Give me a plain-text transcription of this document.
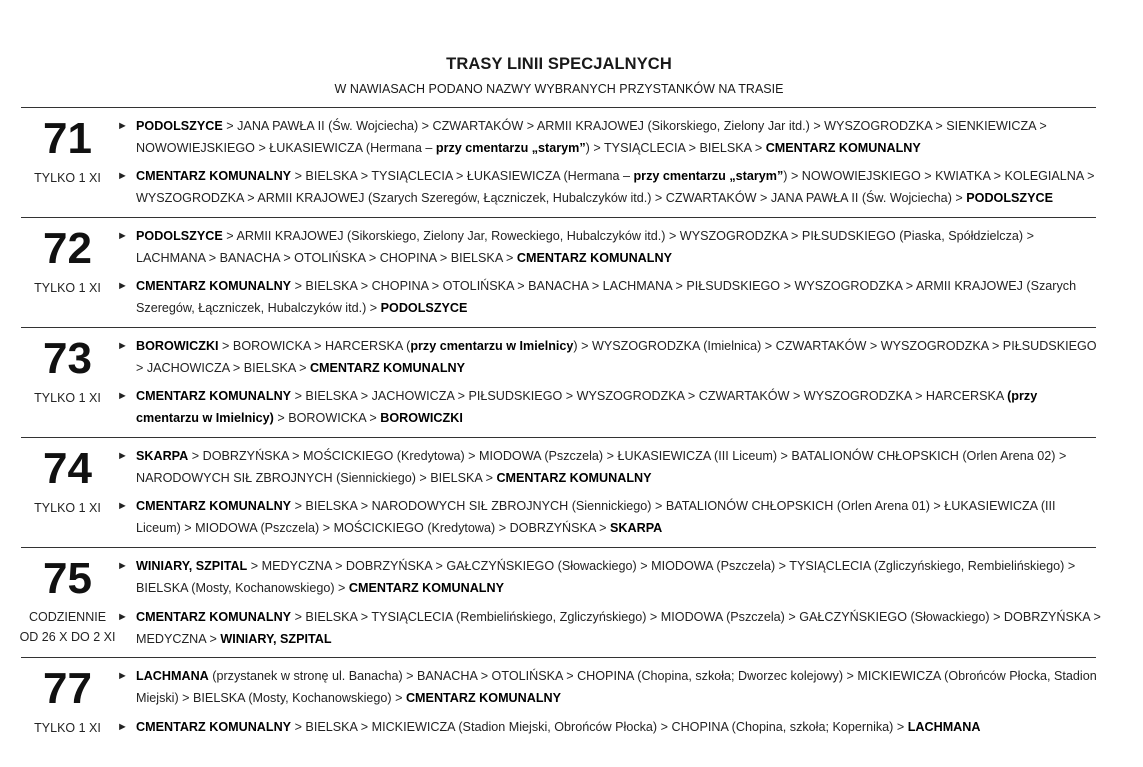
TRASY LINII SPECJALNYCH
W NAWIASACH PODANO NAZWY WYBRANYCH PRZYSTANKÓW NA TRASIE
71
TYLKO 1 XI
► PODOLSZYCE > JANA PAWŁA II (Św. Wojciecha) > CZWARTAKÓW > ARMII KRAJOWEJ (Sikorskiego, Zielony Jar itd.) > WYSZOGRODZKA > SIENKIEWICZA > NOWOWIEJSKIEGO > ŁUKASIEWICZA (Hermana – przy cmentarzu „starym”) > TYSIĄCLECIA > BIELSKA > CMENTARZ KOMUNALNY
► CMENTARZ KOMUNALNY > BIELSKA > TYSIĄCLECIA > ŁUKASIEWICZA (Hermana – przy cmentarzu „starym”) > NOWOWIEJSKIEGO > KWIATKA > KOLEGIALNA > WYSZOGRODZKA > ARMII KRAJOWEJ (Szarych Szeregów, Łączniczek, Hubalczyków itd.) > CZWARTAKÓW > JANA PAWŁA II (Św. Wojciecha) > PODOLSZYCE
72
TYLKO 1 XI
► PODOLSZYCE > ARMII KRAJOWEJ (Sikorskiego, Zielony Jar, Roweckiego, Hubalczyków itd.) > WYSZOGRODZKA > PIŁSUDSKIEGO (Piaska, Spółdzielcza) > LACHMANA > BANACHA > OTOLIŃSKA > CHOPINA > BIELSKA > CMENTARZ KOMUNALNY
► CMENTARZ KOMUNALNY > BIELSKA > CHOPINA > OTOLIŃSKA > BANACHA > LACHMANA > PIŁSUDSKIEGO > WYSZOGRODZKA > ARMII KRAJOWEJ (Szarych Szeregów, Łączniczek, Hubalczyków itd.) > PODOLSZYCE
73
TYLKO 1 XI
► BOROWICZKI > BOROWICKA > HARCERSKA (przy cmentarzu w Imielnicy) > WYSZOGRODZKA (Imielnica) > CZWARTAKÓW > WYSZOGRODZKA > PIŁSUDSKIEGO > JACHOWICZA > BIELSKA > CMENTARZ KOMUNALNY
► CMENTARZ KOMUNALNY > BIELSKA > JACHOWICZA > PIŁSUDSKIEGO > WYSZOGRODZKA > CZWARTAKÓW > WYSZOGRODZKA > HARCERSKA (przy cmentarzu w Imielnicy) > BOROWICKA > BOROWICZKI
74
TYLKO 1 XI
► SKARPA > DOBRZYŃSKA > MOŚCICKIEGO (Kredytowa) > MIODOWA (Pszczela) > ŁUKASIEWICZA (III Liceum) > BATALIONÓW CHŁOPSKICH (Orlen Arena 02) > NARODOWYCH SIŁ ZBROJNYCH (Siennickiego) > BIELSKA > CMENTARZ KOMUNALNY
► CMENTARZ KOMUNALNY > BIELSKA > NARODOWYCH SIŁ ZBROJNYCH (Siennickiego) > BATALIONÓW CHŁOPSKICH (Orlen Arena 01) > ŁUKASIEWICZA (III Liceum) > MIODOWA (Pszczela) > MOŚCICKIEGO (Kredytowa) > DOBRZYŃSKA > SKARPA
75
CODZIENNIE
OD 26 X DO 2 XI
► WINIARY, SZPITAL > MEDYCZNA > DOBRZYŃSKA > GAŁCZYŃSKIEGO (Słowackiego) > MIODOWA (Pszczela) > TYSIĄCLECIA (Zgliczyńskiego, Rembielińskiego) > BIELSKA (Mosty, Kochanowskiego) > CMENTARZ KOMUNALNY
► CMENTARZ KOMUNALNY > BIELSKA > TYSIĄCLECIA (Rembielińskiego, Zgliczyńskiego) > MIODOWA (Pszczela) > GAŁCZYŃSKIEGO (Słowackiego) > DOBRZYŃSKA > MEDYCZNA > WINIARY, SZPITAL
77
TYLKO 1 XI
► LACHMANA (przystanek w stronę ul. Banacha) > BANACHA > OTOLIŃSKA > CHOPINA (Chopina, szkoła; Dworzec kolejowy) > MICKIEWICZA (Obrońców Płocka, Stadion Miejski) > BIELSKA (Mosty, Kochanowskiego) > CMENTARZ KOMUNALNY
► CMENTARZ KOMUNALNY > BIELSKA > MICKIEWICZA (Stadion Miejski, Obrońców Płocka) > CHOPINA (Chopina, szkoła; Kopernika) > LACHMANA
